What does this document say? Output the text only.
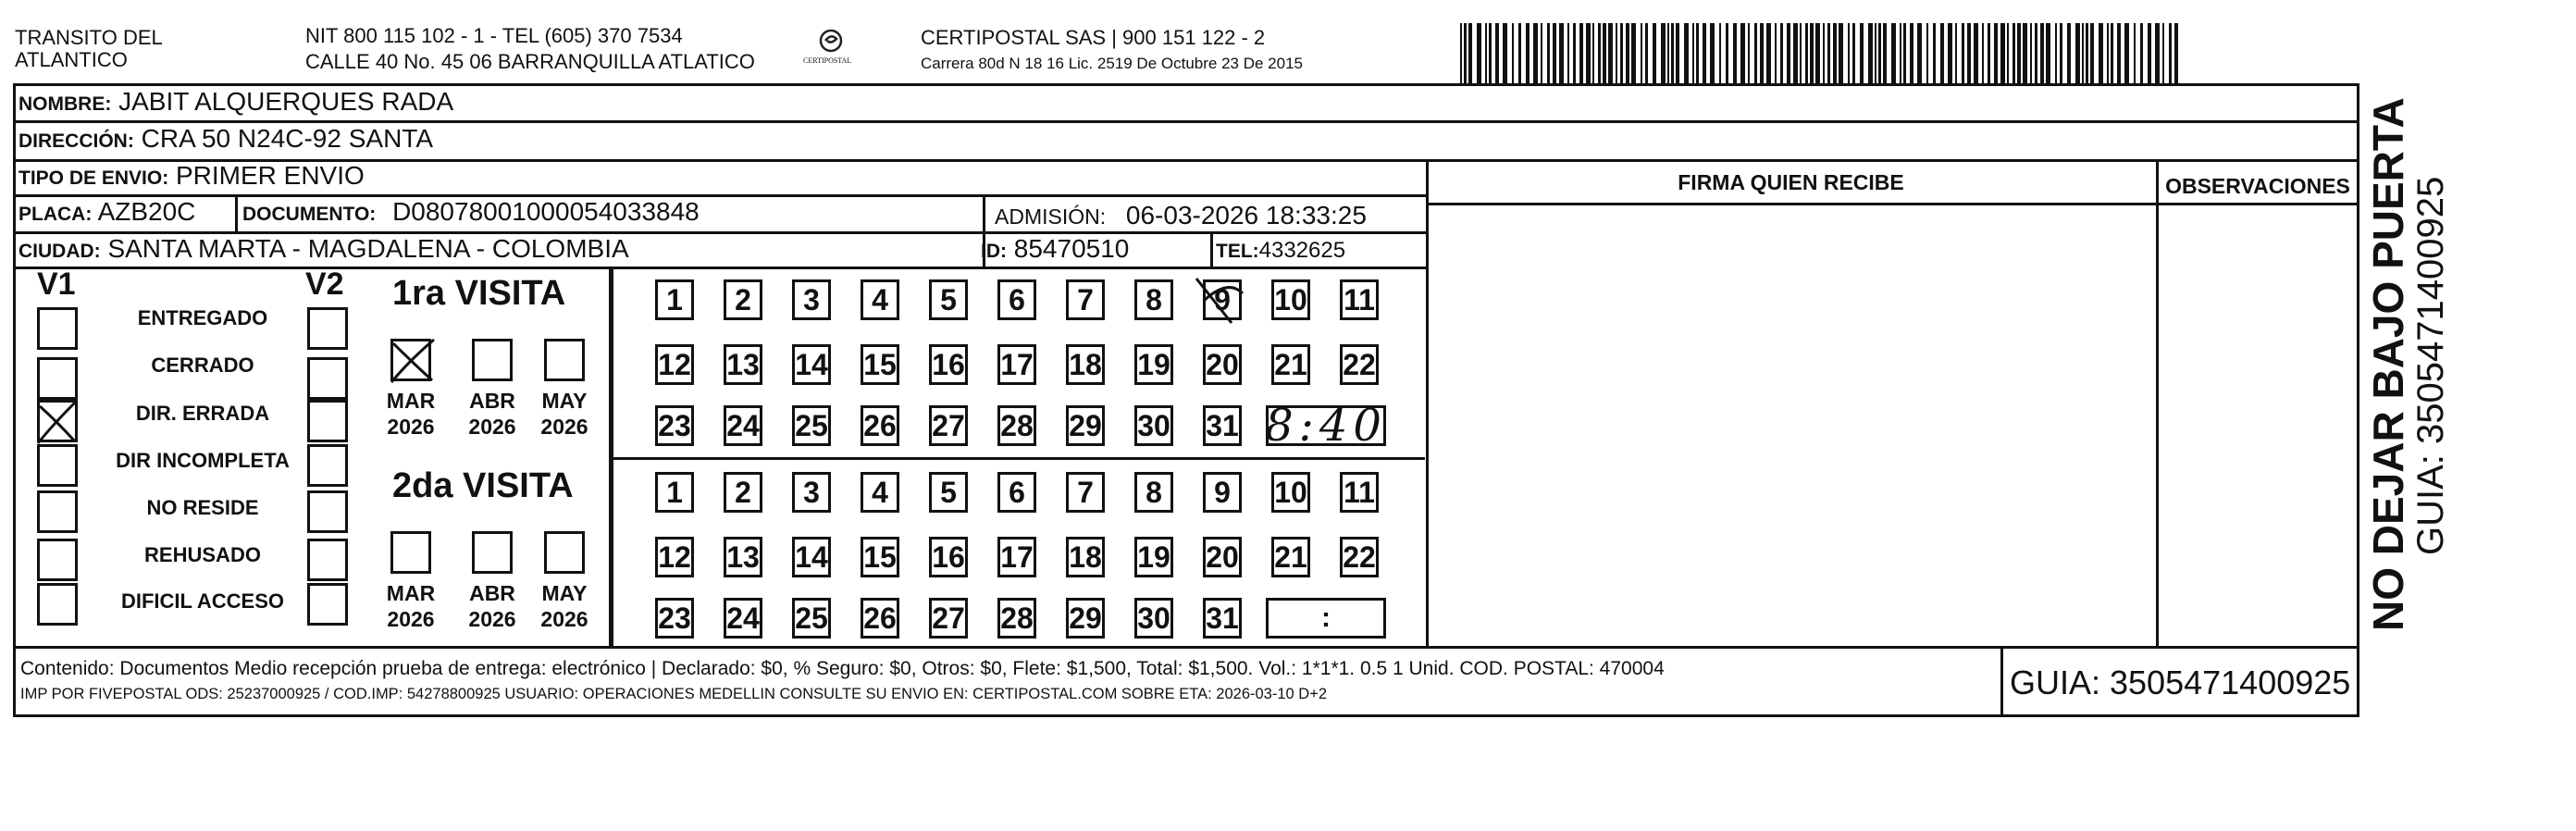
TRANSITO DEL
ATLANTICO
NIT 800 115 102 - 1 - TEL (605) 370 7534
CALLE 40 No. 45 06 BARRANQUILLA ATLATICO	CERTIPOSTAL
CERTIPOSTAL SAS | 900 151 122 - 2
Carrera 80d N 18 16 Lic. 2519 De Octubre 23 De 2015
NOMBRE: JABIT ALQUERQUES RADA
DIRECCIÓN: CRA 50 N24C-92 SANTA
TIPO DE ENVIO: PRIMER ENVIO
PLACA: AZB20C DOCUMENTO: D08078001000054033848	ADMISIÓN: 06-03-2026 18:33:25
CIUDAD: SANTA MARTA - MAGDALENA - COLOMBIA	ID: 85470510	TEL:4332625
FIRMA QUIEN RECIBE	OBSERVACIONES
V1	V2
ENTREGADO
CERRADO
DIR. ERRADA
DIR INCOMPLETA
NO RESIDE
REHUSADO
DIFICIL ACCESO
1ra VISITA
MAR
2026
ABR
2026
MAY
2026
1	2	3	4	5	6	7	8	9	10 11
12 13 14 15 16 17 18 19 20 21 22
23 24 25 26 27 28 29 30 31 8:40
2da VISITA
MAR
2026
ABR
2026
MAY
2026
1	2	3	4	5	6	7	8	9	10 11
12 13 14 15 16 17 18 19 20 21 22
23 24 25 26 27 28 29 30 31	:
Contenido: Documentos Medio recepción prueba de entrega: electrónico | Declarado: $0, % Seguro: $0, Otros: $0, Flete: $1,500, Total: $1,500. Vol.: 1*1*1. 0.5 1 Unid. COD. POSTAL: 470004
IMP POR FIVEPOSTAL ODS: 25237000925 / COD.IMP: 54278800925 USUARIO: OPERACIONES MEDELLIN CONSULTE SU ENVIO EN: CERTIPOSTAL.COM SOBRE ETA: 2026-03-10 D+2	GUIA: 3505471400925
NO DEJAR BAJO PUERTA
GUIA: 3505471400925
